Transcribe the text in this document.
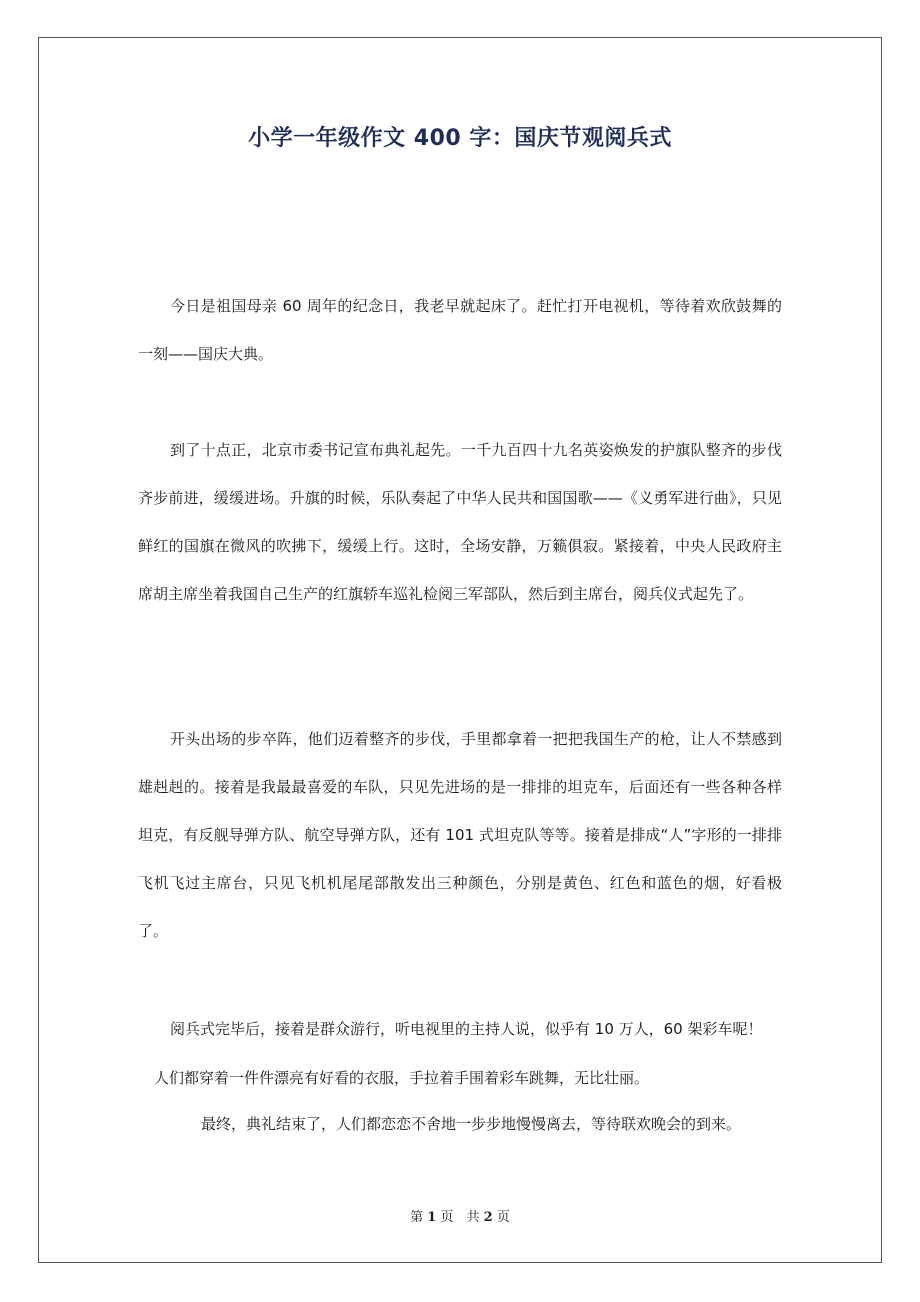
小学一年级作文 400 字：国庆节观阅兵式

今日是祖国母亲 60 周年的纪念日，我老早就起床了。赶忙打开电视机，等待着欢欣鼓舞的一刻——国庆大典。

到了十点正，北京市委书记宣布典礼起先。一千九百四十九名英姿焕发的护旗队整齐的步伐齐步前进，缓缓进场。升旗的时候，乐队奏起了中华人民共和国国歌——《义勇军进行曲》，只见鲜红的国旗在微风的吹拂下，缓缓上行。这时，全场安静，万籁俱寂。紧接着，中央人民政府主席胡主席坐着我国自己生产的红旗轿车巡礼检阅三军部队，然后到主席台，阅兵仪式起先了。

开头出场的步卒阵，他们迈着整齐的步伐，手里都拿着一把把我国生产的枪，让人不禁感到雄赳赳的。接着是我最最喜爱的车队，只见先进场的是一排排的坦克车，后面还有一些各种各样坦克，有反舰导弹方队、航空导弹方队，还有 101 式坦克队等等。接着是排成“人”字形的一排排飞机飞过主席台，只见飞机机尾尾部散发出三种颜色，分别是黄色、红色和蓝色的烟，好看极了。

阅兵式完毕后，接着是群众游行，听电视里的主持人说，似乎有 10 万人，60 架彩车呢！

人们都穿着一件件漂亮有好看的衣服，手拉着手围着彩车跳舞，无比壮丽。

最终，典礼结束了，人们都恋恋不舍地一步步地慢慢离去，等待联欢晚会的到来。

第 1 页　共 2 页
